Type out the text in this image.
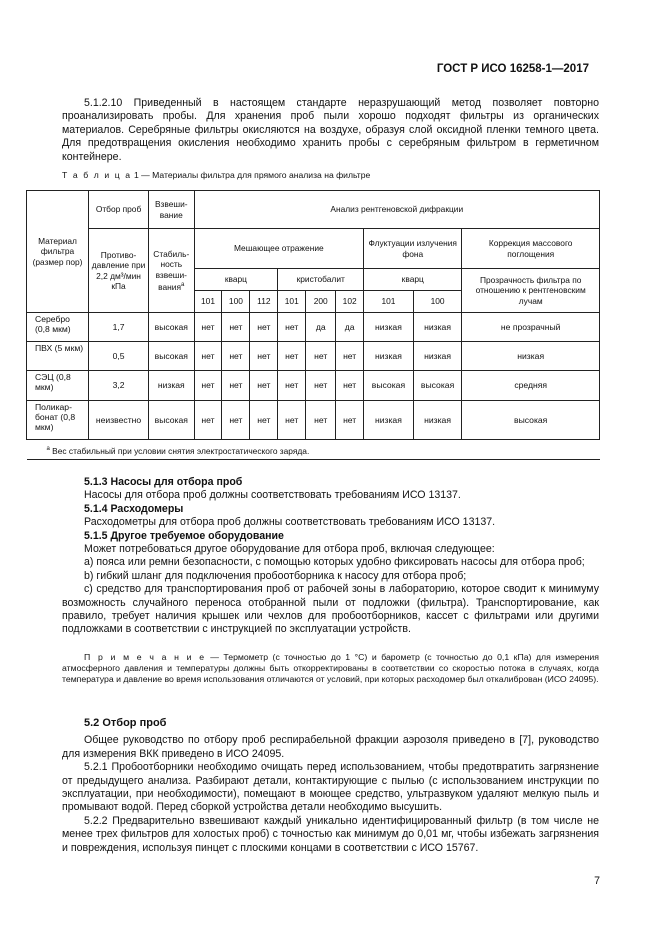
ГОСТ Р ИСО 16258-1—2017

5.1.2.10 Приведенный в настоящем стандарте неразрушающий метод позволяет повторно проанализировать пробы. Для хранения проб пыли хорошо подходят фильтры из органических материалов. Серебряные фильтры окисляются на воздухе, образуя слой оксидной пленки темного цвета. Для предотвращения окисления необходимо хранить пробы с серебряным фильтром в герметичном контейнере.

Т а б л и ц а 1 — Материалы фильтра для прямого анализа на фильтре
Материал фильтра (размер пор)	Отбор проб	Взвеши-вание	Анализ рентгеновской дифракции								
	Противо-давление при 2,2 дм³/мин кПа	Стабиль-ность взвеши-вания$^а$	Мешающее отражение						Флуктуации излучения фона		Коррекция массового поглощения
			кварц			кристобалит			кварц		Прозрачность фильтра по отношению к рентгеновским лучам
			101	100	112	101	200	102	101	100	

Серебро (0,8 мкм)	1,7	высокая	нет	нет	нет	нет	да	да	низкая	низкая	не прозрачный
ПВХ (5 мкм)	0,5	высокая	нет	нет	нет	нет	нет	нет	низкая	низкая	низкая
СЭЦ (0,8 мкм)	3,2	низкая	нет	нет	нет	нет	нет	нет	высокая	высокая	средняя
Поликар-бонат (0,8 мкм)	неизвестно	высокая	нет	нет	нет	нет	нет	нет	низкая	низкая	высокая
$^а$ Вес стабильный при условии снятия электростатического заряда.											

5.1.3 Насосы для отбора проб

Насосы для отбора проб должны соответствовать требованиям ИСО 13137.

5.1.4 Расходомеры

Расходометры для отбора проб должны соответствовать требованиям ИСО 13137.

5.1.5 Другое требуемое оборудование

Может потребоваться другое оборудование для отбора проб, включая следующее:

а) пояса или ремни безопасности, с помощью которых удобно фиксировать насосы для отбора проб;

b) гибкий шланг для подключения пробоотборника к насосу для отбора проб;

с) средство для транспортирования проб от рабочей зоны в лабораторию, которое сводит к минимуму возможность случайного переноса отобранной пыли от подложки (фильтра). Транспортирование, как правило, требует наличия крышек или чехлов для пробоотборников, кассет с фильтрами или другими подложками в соответствии с инструкцией по эксплуатации устройств.

П р и м е ч а н и е — Термометр (с точностью до 1 °С) и барометр (с точностью до 0,1 кПа) для измерения атмосферного давления и температуры должны быть откорректированы в соответствии со скоростью потока в случаях, когда температура и давление во время использования отличаются от условий, при которых расходомер был откалиброван (ИСО 24095).

5.2 Отбор проб

Общее руководство по отбору проб респирабельной фракции аэрозоля приведено в [7], руководство для измерения ВКК приведено в ИСО 24095.

5.2.1 Пробоотборники необходимо очищать перед использованием, чтобы предотвратить загрязнение от предыдущего анализа. Разбирают детали, контактирующие с пылью (с использованием инструкции по эксплуатации, при необходимости), помещают в моющее средство, ультразвуком удаляют мелкую пыль и промывают водой. Перед сборкой устройства детали необходимо высушить.

5.2.2 Предварительно взвешивают каждый уникально идентифицированный фильтр (в том числе не менее трех фильтров для холостых проб) с точностью как минимум до 0,01 мг, чтобы избежать загрязнения и повреждения, используя пинцет с плоскими концами в соответствии с ИСО 15767.

7
